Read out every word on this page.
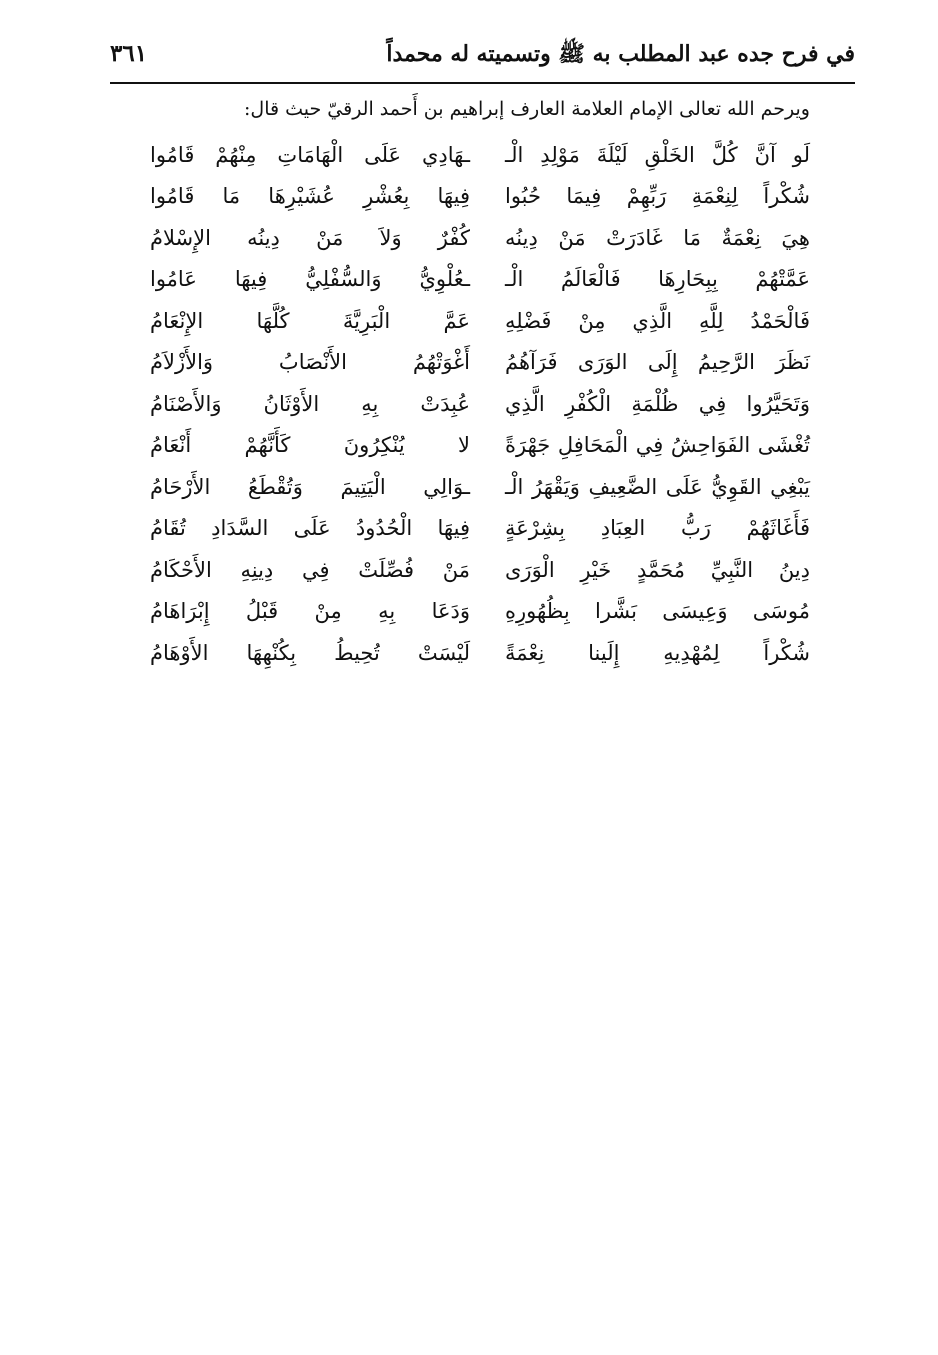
في فرح جده عبد المطلب به ﷺ وتسميته له محمداً
٣٦١
ويرحم الله تعالى الإمام العلامة العارف إبراهيم بن أَحمد الرقيّ حيث قال:
لَو آنَّ كُلَّ الخَلْقِ لَيْلَةَ مَوْلِدِ الْـ
ـهَادِي عَلَى الْهَامَاتِ مِنْهُمْ قَامُوا
شُكْراً لِنِعْمَةِ رَبِّهِمْ فِيمَا حُبُوا
فِيهَا بِعُشْرِ عُشَيْرِهَا مَا قَامُوا
هِيَ نِعْمَةٌ مَا غَادَرَتْ مَنْ دِينُه
كُفْرٌ وَلاَ مَنْ دِينُه الإِسْلامُ
عَمَّتْهُمْ بِبِحَارِهَا فَالْعَالَمُ الْـ
ـعُلْوِيُّ وَالسُّفْلِيُّ فِيهَا عَامُوا
فَالْحَمْدُ لِلَّهِ الَّذِي مِنْ فَضْلِهِ
عَمَّ الْبَرِيَّةَ كُلَّهَا الإِنْعَامُ
نَظَرَ الرَّحِيمُ إِلَى الوَرَى فَرَآهُمُ
أَغْوَتْهُمُ الأَنْصَابُ وَالأَزْلاَمُ
وَتَحَيَّرُوا فِي ظُلْمَةِ الْكُفْرِ الَّذِي
عُبِدَتْ بِهِ الأَوْثَانُ وَالأَصْنَامُ
تُغْشَى الفَوَاحِشُ فِي الْمَحَافِلِ جَهْرَةً
لا يُنْكِرُونَ كَأَنَّهُمْ أَنْعَامُ
يَبْغِي القَوِيُّ عَلَى الضَّعِيفِ وَيَقْهَرُ الْـ
ـوَالِي الْيَتِيمَ وَتُقْطَعُ الأَرْحَامُ
فَأَغَاثَهُمْ رَبُّ العِبَادِ بِشِرْعَةٍ
فِيهَا الْحُدُودُ عَلَى السَّدَادِ تُقَامُ
دِينُ النَّبِيِّ مُحَمَّدٍ خَيْرِ الْوَرَى
مَنْ فُصِّلَتْ فِي دِينِهِ الأَحْكَامُ
مُوسَى وَعِيسَى بَشَّرا بِظُهُورِهِ
وَدَعَا بِهِ مِنْ قَبْلُ إِبْرَاهَامُ
شُكْراً لِمُهْدِيهِ إِلَينا نِعْمَةً
لَيْسَتْ تُحِيطُ بِكُنْهِهَا الأَوْهَامُ
